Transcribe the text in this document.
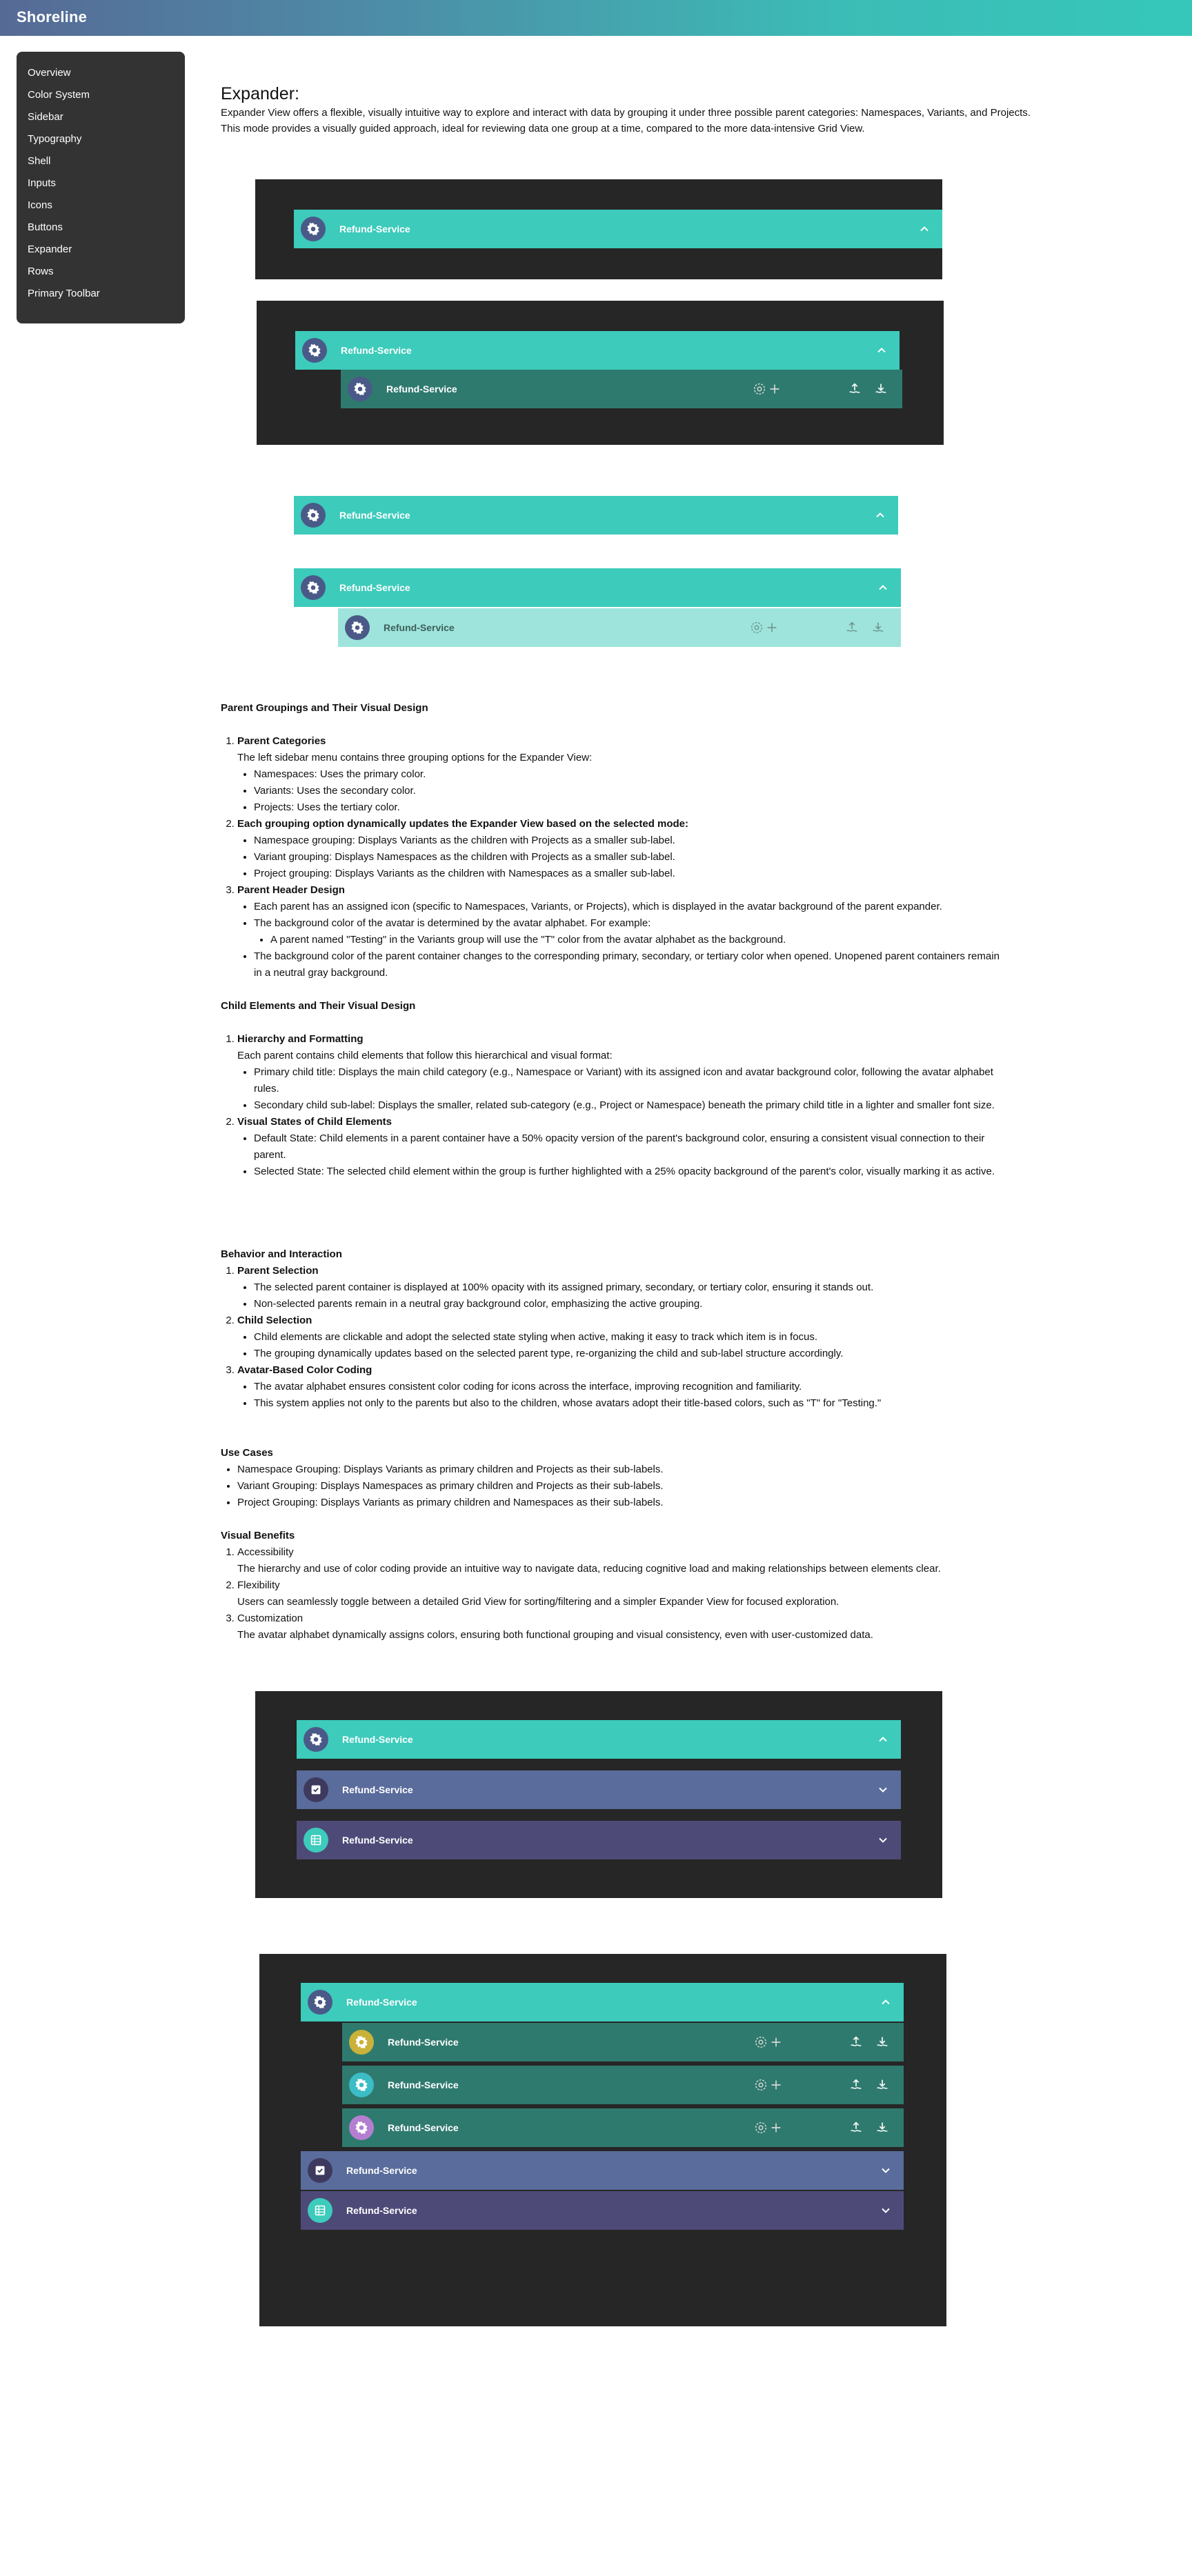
Shoreline
Overview
Color System
Sidebar
Typography
Shell
Inputs
Icons
Buttons
Expander
Rows
Primary Toolbar
Expander:

Expander View offers a flexible, visually intuitive way to explore and interact with data by grouping it under three possible parent categories: Namespaces, Variants, and Projects. This mode provides a visually guided approach, ideal for reviewing data one group at a time, compared to the more data-intensive Grid View.

Refund-Service
Refund-Service
Refund-Service
Refund-Service
Refund-Service
Refund-Service
Parent Groupings and Their Visual Design
1. Parent Categories
The left sidebar menu contains three grouping options for the Expander View:
• Namespaces: Uses the primary color.
• Variants: Uses the secondary color.
• Projects: Uses the tertiary color.
2. Each grouping option dynamically updates the Expander View based on the selected mode:
• Namespace grouping: Displays Variants as the children with Projects as a smaller sub-label.
• Variant grouping: Displays Namespaces as the children with Projects as a smaller sub-label.
• Project grouping: Displays Variants as the children with Namespaces as a smaller sub-label.
3. Parent Header Design
• Each parent has an assigned icon (specific to Namespaces, Variants, or Projects), which is displayed in the avatar background of the parent expander.
• The background color of the avatar is determined by the avatar alphabet. For example:
• A parent named "Testing" in the Variants group will use the "T" color from the avatar alphabet as the background.
• The background color of the parent container changes to the corresponding primary, secondary, or tertiary color when opened. Unopened parent containers remain in a neutral gray background.
Child Elements and Their Visual Design
1. Hierarchy and Formatting
Each parent contains child elements that follow this hierarchical and visual format:
• Primary child title: Displays the main child category (e.g., Namespace or Variant) with its assigned icon and avatar background color, following the avatar alphabet rules.
• Secondary child sub-label: Displays the smaller, related sub-category (e.g., Project or Namespace) beneath the primary child title in a lighter and smaller font size.
2. Visual States of Child Elements
• Default State: Child elements in a parent container have a 50% opacity version of the parent's background color, ensuring a consistent visual connection to their parent.
• Selected State: The selected child element within the group is further highlighted with a 25% opacity background of the parent's color, visually marking it as active.
Behavior and Interaction
1. Parent Selection
• The selected parent container is displayed at 100% opacity with its assigned primary, secondary, or tertiary color, ensuring it stands out.
• Non-selected parents remain in a neutral gray background color, emphasizing the active grouping.
2. Child Selection
• Child elements are clickable and adopt the selected state styling when active, making it easy to track which item is in focus.
• The grouping dynamically updates based on the selected parent type, re-organizing the child and sub-label structure accordingly.
3. Avatar-Based Color Coding
• The avatar alphabet ensures consistent color coding for icons across the interface, improving recognition and familiarity.
• This system applies not only to the parents but also to the children, whose avatars adopt their title-based colors, such as "T" for "Testing."
Use Cases
• Namespace Grouping: Displays Variants as primary children and Projects as their sub-labels.
• Variant Grouping: Displays Namespaces as primary children and Projects as their sub-labels.
• Project Grouping: Displays Variants as primary children and Namespaces as their sub-labels.
Visual Benefits
1. Accessibility
The hierarchy and use of color coding provide an intuitive way to navigate data, reducing cognitive load and making relationships between elements clear.
2. Flexibility
Users can seamlessly toggle between a detailed Grid View for sorting/filtering and a simpler Expander View for focused exploration.
3. Customization
The avatar alphabet dynamically assigns colors, ensuring both functional grouping and visual consistency, even with user-customized data.
Refund-Service
Refund-Service
Refund-Service
Refund-Service
Refund-Service
Refund-Service
Refund-Service
Refund-Service
Refund-Service
